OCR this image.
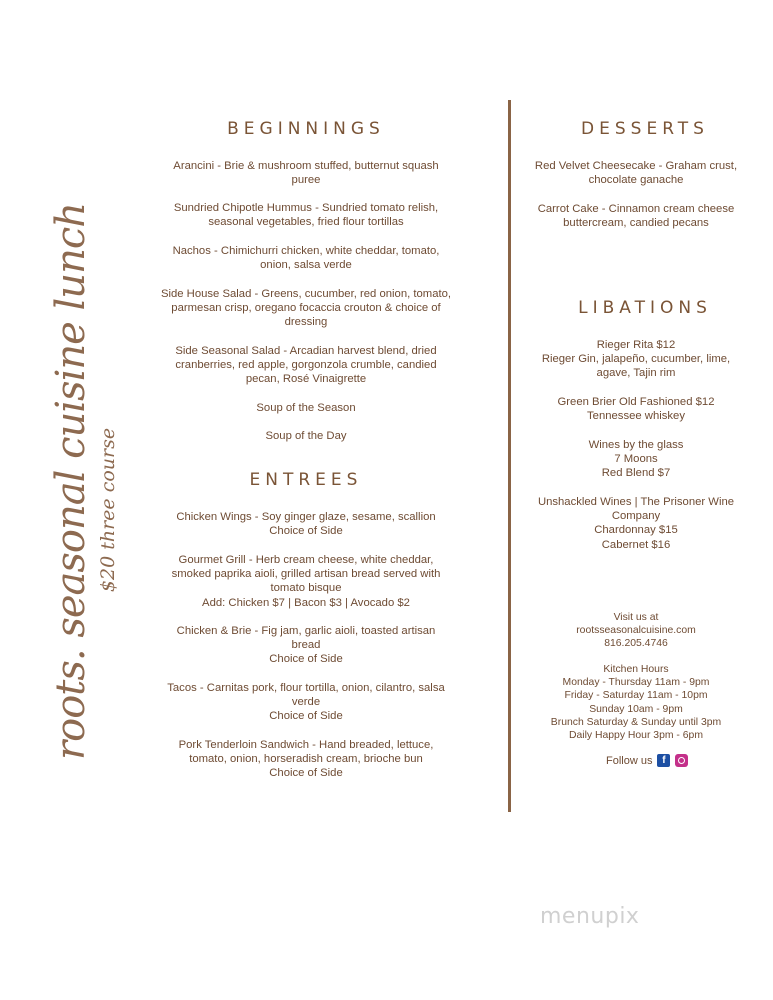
roots. seasonal cuisine lunch $20 three course
BEGINNINGS
Arancini - Brie & mushroom stuffed, butternut squash
puree
Sundried Chipotle Hummus - Sundried tomato relish,
seasonal vegetables, fried flour tortillas
Nachos - Chimichurri chicken, white cheddar, tomato,
onion, salsa verde
Side House Salad - Greens, cucumber, red onion, tomato,
parmesan crisp, oregano focaccia crouton & choice of
dressing
Side Seasonal Salad - Arcadian harvest blend, dried
cranberries, red apple, gorgonzola crumble, candied
pecan, Rosé Vinaigrette
Soup of the Season
Soup of the Day
ENTREES
Chicken Wings - Soy ginger glaze, sesame, scallion
Choice of Side
Gourmet Grill - Herb cream cheese, white cheddar,
smoked paprika aioli, grilled artisan bread served with
tomato bisque
Add: Chicken $7 | Bacon $3 | Avocado $2
Chicken & Brie - Fig jam, garlic aioli, toasted artisan
bread
Choice of Side
Tacos - Carnitas pork, flour tortilla, onion, cilantro, salsa
verde
Choice of Side
Pork Tenderloin Sandwich - Hand breaded, lettuce,
tomato, onion, horseradish cream, brioche bun
Choice of Side
DESSERTS
Red Velvet Cheesecake - Graham crust,
chocolate ganache
Carrot Cake - Cinnamon cream cheese
buttercream, candied pecans
LIBATIONS
Rieger Rita $12
Rieger Gin, jalapeño, cucumber, lime,
agave, Tajin rim
Green Brier Old Fashioned $12
Tennessee whiskey
Wines by the glass
7 Moons
Red Blend $7
Unshackled Wines | The Prisoner Wine
Company
Chardonnay $15
Cabernet $16
Visit us at
rootsseasonalcuisine.com
816.205.4746
Kitchen Hours
Monday - Thursday 11am - 9pm
Friday - Saturday 11am - 10pm
Sunday 10am - 9pm
Brunch Saturday & Sunday until 3pm
Daily Happy Hour 3pm - 6pm
Follow us f
menupix
